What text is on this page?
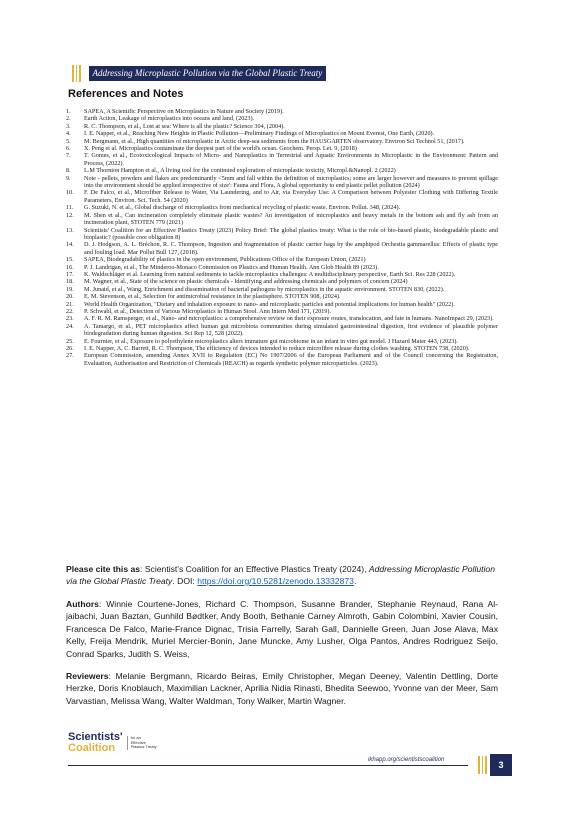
Addressing Microplastic Pollution via the Global Plastic Treaty
References and Notes
1.	SAPEA, A Scientific Perspective on Microplastics in Nature and Society (2019).
2.	Earth Action, Leakage of microplastics into oceans and land, (2023).
3.	R. C. Thompson, et al., Lost at sea: Where is all the plastic? Science 304, (2004).
4.	I. E. Napper, et al., Reaching New Heights in Plastic Pollution—Preliminary Findings of Microplastics on Mount Everest, One Earth, (2020).
5.	M. Bergmann, et al., High quantities of microplastic in Arctic deep-sea sediments from the HAUSGARTEN observatory. Environ Sci Technol 51, (2017).
6.	X. Peng et al. Microplastics contaminate the deepest part of the world's ocean. Geochem. Persp. Let. 9, (2018)
7.	T. Gomes, et al., Ecotoxicological Impacts of Micro- and Nanoplastics in Terrestrial and Aquatic Environments in Microplastic in the Environment: Pattern and Process, (2022).
8.	L.M Thornton Hampton et al., A living tool for the continued exploration of microplastic toxicity, Micropl.&Nanopl. 2 (2022)
9.	Note - pellets, powders and flakes are predominantly <5mm and fall within the definition of microplastics; some are larger however and measures to prevent spillage into the environment should be applied irrespective of size': Fauna and Flora, A global opportunity to end plastic pellet pollution (2024)
10.	F. De Falco, et al., Microfiber Release to Water, Via Laundering, and to Air, via Everyday Use: A Comparison between Polyester Clothing with Differing Textile Parameters, Environ. Sci. Tech. 54 (2020)
11.	G. Suzuki, N. et al., Global discharge of microplastics from mechanical recycling of plastic waste. Environ. Pollut. 348, (2024).
12.	M. Shen et al., Can incineration completely eliminate plastic wastes? An investigation of microplastics and heavy metals in the bottom ash and fly ash from an incineration plant, STOTEN 779 (2021)
13.	Scientists' Coalition for an Effective Plastics Treaty (2023) Policy Brief: The global plastics treaty: What is the role of bio-based plastic, biodegradable plastic and bioplastic? (possible core obligation 8)
14.	D. J. Hodgson, A. L. Bréchon, R. C. Thompson, Ingestion and fragmentation of plastic carrier bags by the amphipod Orchestia gammarellus: Effects of plastic type and fouling load. Mar Pollut Bull 127, (2018).
15.	SAPEA, Biodegradability of plastics in the open environment, Publications Office of the European Union, (2021)
16.	P. J. Landrigan, et al., The Minderoo-Monaco Commission on Plastics and Human Health. Ann Glob Health 89 (2023).
17.	K. Waldschläger et al. Learning from natural sediments to tackle microplastics challenges: A multidisciplinary perspective, Earth Sci. Res 228 (2022).
18.	M. Wagner, et al., State of the science on plastic chemicals - Identifying and addressing chemicals and polymers of concern (2024)
19.	M. Junaid, et al., Wang, Enrichment and dissemination of bacterial pathogens by microplastics in the aquatic environment. STOTEN 830, (2022).
20.	E. M. Stevenson, et al., Selection for antimicrobial resistance in the plastisphere. STOTEN 908, (2024).
21.	World Health Organization, "Dietary and inhalation exposure to nano- and microplastic particles and potential implications for human health" (2022).
22.	P. Schwabl, et al., Detection of Various Microplastics in Human Stool. Ann Intern Med 171, (2019).
23.	A. F. R. M. Ramsperger, et al., Nano- and microplastics: a comprehensive review on their exposure routes, translocation, and fate in humans. NanoImpact 29, (2023).
24.	A. Tamargo, et al., PET microplastics affect human gut microbiota communities during simulated gastrointestinal digestion, first evidence of plausible polymer biodegradation during human digestion. Sci Rep 12, 528 (2022).
25.	E. Fournier, et al., Exposure to polyethylene microplastics alters immature gut microbiome in an infant in vitro gut model. J Hazard Mater 443, (2023).
26.	I. E. Napper, A. C. Barrett, R. C. Thompson, The efficiency of devices intended to reduce microfibre release during clothes washing. STOTEN 738, (2020).
27.	European Commission, amending Annex XVII to Regulation (EC) No 1907/2006 of the European Parliament and of the Council concerning the Registration, Evaluation, Authorisation and Restriction of Chemicals (REACH) as regards synthetic polymer microparticles. (2023).
Please cite this as: Scientist's Coalition for an Effective Plastics Treaty (2024), Addressing Microplastic Pollution via the Global Plastic Treaty. DOI: https://doi.org/10.5281/zenodo.13332873.
Authors: Winnie Courtene-Jones, Richard C. Thompson, Susanne Brander, Stephanie Reynaud, Rana Al-jaibachi, Juan Baztan, Gunhild Bødtker, Andy Booth, Bethanie Carney Almroth, Gabin Colombini, Xavier Cousin, Francesca De Falco, Marie-France Dignac, Trisia Farrelly, Sarah Gall, Dannielle Green, Juan Jose Alava, Max Kelly, Freija Mendrik, Muriel Mercier-Bonin, Jane Muncke, Amy Lusher, Olga Pantos, Andres Rodriguez Seijo, Conrad Sparks, Judith S. Weiss,
Reviewers: Melanie Bergmann, Ricardo Beiras, Emily Christopher, Megan Deeney, Valentin Dettling, Dorte Herzke, Doris Knoblauch, Maximilian Lackner, Aprilia Nidia Rinasti, Bhedita Seewoo, Yvonne van der Meer, Sam Varvastian, Melissa Wang, Walter Waldman, Tony Walker, Martin Wagner.
Scientists'
Coalition
for an Effective Plastics Treaty
ikhapp.org/scientistscoalition	3
